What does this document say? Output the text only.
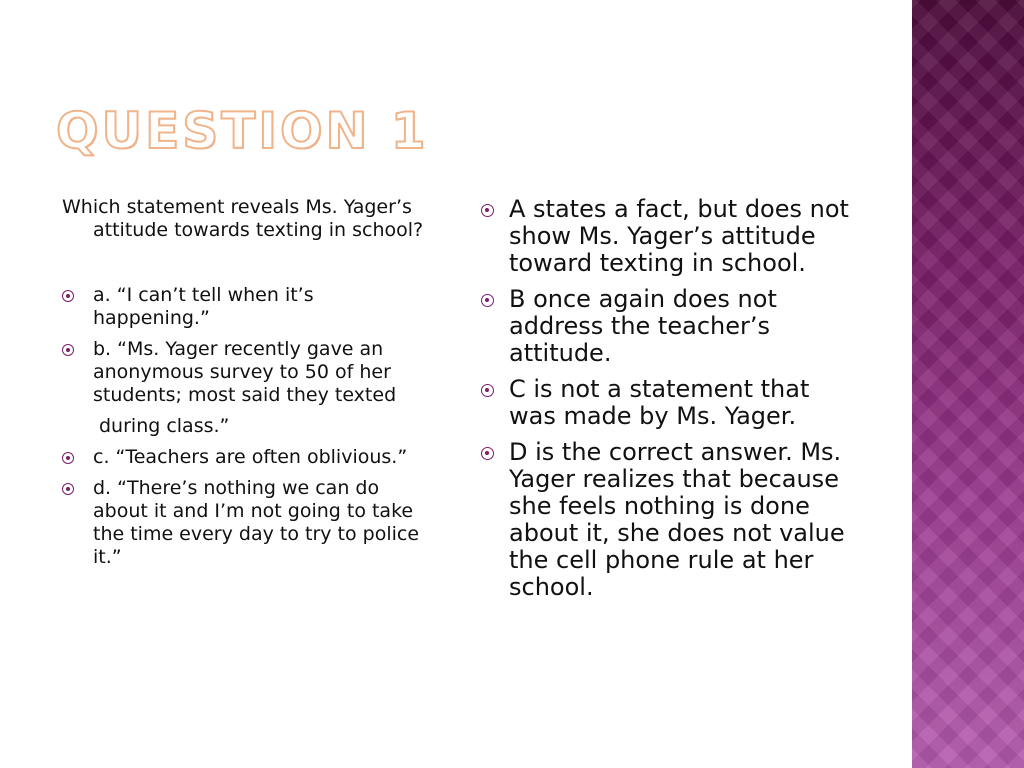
QUESTION 1

Which statement reveals Ms. Yager’s attitude towards texting in school?

a. “I can’t tell when it’s happening.”
b. “Ms. Yager recently gave an anonymous survey to 50 of her students; most said they texted

during class.”

c. “Teachers are often oblivious.”
d. “There’s nothing we can do about it and I’m not going to take the time every day to try to police it.”
A states a fact, but does not show Ms. Yager’s attitude toward texting in school.
B once again does not address the teacher’s attitude.
C is not a statement that was made by Ms. Yager.
D is the correct answer. Ms. Yager realizes that because she feels nothing is done about it, she does not value the cell phone rule at her school.
